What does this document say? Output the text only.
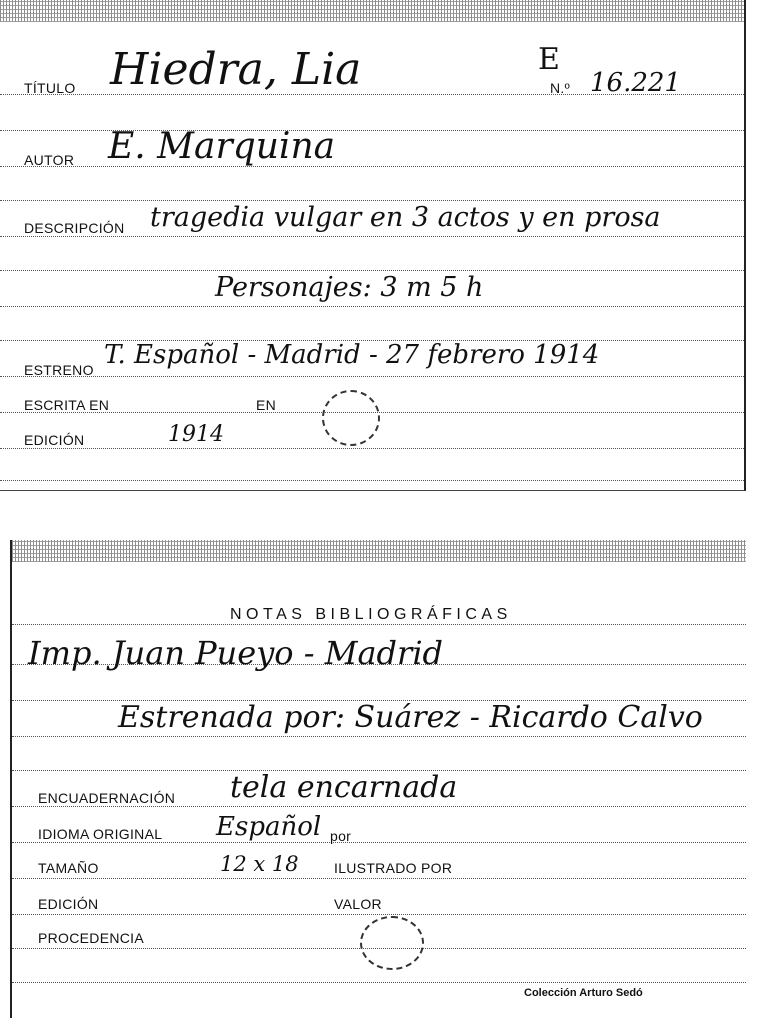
TÍTULO Hiedra, Lia	E
N.º 16.221
AUTOR E. Marquina
DESCRIPCIÓN tragedia vulgar en 3 actos y en prosa
Personajes: 3 m 5 h
ESTRENO T. Español - Madrid - 27 febrero 1914
ESCRITA EN	EN
EDICIÓN	1914
NOTAS BIBLIOGRÁFICAS
Imp. Juan Pueyo - Madrid
Estrenada por: Suárez - Ricardo Calvo
ENCUADERNACIÓN tela encarnada
IDIOMA ORIGINAL Español por
TAMAÑO	12 x 18	ILUSTRADO POR
EDICIÓN	VALOR
PROCEDENCIA
Colección Arturo Sedó
